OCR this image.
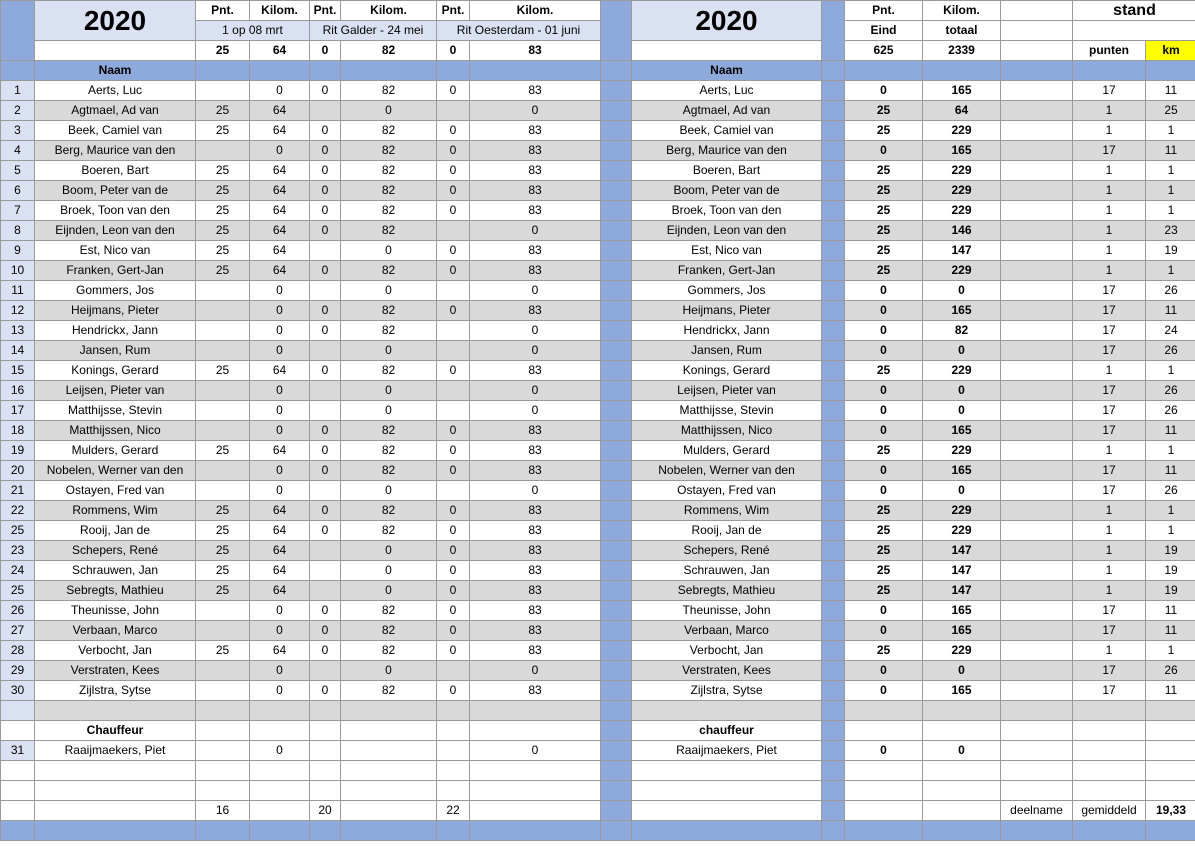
	2020	Pnt.	Kilom.	Pnt.	Kilom.	Pnt.	Kilom.		2020		Pnt.	Kilom.		stand	
		1 op 08 mrt		Rit Galder - 24 mei		Rit Oesterdam - 01 juni					Eind	totaal			
		25	64	0	82	0	83				625	2339		punten	km
	Naam								Naam						
1	Aerts, Luc		0	0	82	0	83		Aerts, Luc		0	165		17	11
2	Agtmael, Ad van	25	64		0		0		Agtmael, Ad van		25	64		1	25
3	Beek, Camiel van	25	64	0	82	0	83		Beek, Camiel van		25	229		1	1
4	Berg, Maurice van den		0	0	82	0	83		Berg, Maurice van den		0	165		17	11
5	Boeren, Bart	25	64	0	82	0	83		Boeren, Bart		25	229		1	1
6	Boom, Peter van de	25	64	0	82	0	83		Boom, Peter van de		25	229		1	1
7	Broek, Toon van den	25	64	0	82	0	83		Broek, Toon van den		25	229		1	1
8	Eijnden, Leon van den	25	64	0	82		0		Eijnden, Leon van den		25	146		1	23
9	Est, Nico van	25	64		0	0	83		Est, Nico van		25	147		1	19
10	Franken, Gert-Jan	25	64	0	82	0	83		Franken, Gert-Jan		25	229		1	1
11	Gommers, Jos		0		0		0		Gommers, Jos		0	0		17	26
12	Heijmans, Pieter		0	0	82	0	83		Heijmans, Pieter		0	165		17	11
13	Hendrickx, Jann		0	0	82		0		Hendrickx, Jann		0	82		17	24
14	Jansen, Rum		0		0		0		Jansen, Rum		0	0		17	26
15	Konings, Gerard	25	64	0	82	0	83		Konings, Gerard		25	229		1	1
16	Leijsen, Pieter van		0		0		0		Leijsen, Pieter van		0	0		17	26
17	Matthijsse, Stevin		0		0		0		Matthijsse, Stevin		0	0		17	26
18	Matthijssen, Nico		0	0	82	0	83		Matthijssen, Nico		0	165		17	11
19	Mulders, Gerard	25	64	0	82	0	83		Mulders, Gerard		25	229		1	1
20	Nobelen, Werner van den		0	0	82	0	83		Nobelen, Werner van den		0	165		17	11
21	Ostayen, Fred van		0		0		0		Ostayen, Fred van		0	0		17	26
22	Rommens, Wim	25	64	0	82	0	83		Rommens, Wim		25	229		1	1
25	Rooij, Jan de	25	64	0	82	0	83		Rooij, Jan de		25	229		1	1
23	Schepers, René	25	64		0	0	83		Schepers, René		25	147		1	19
24	Schrauwen, Jan	25	64		0	0	83		Schrauwen, Jan		25	147		1	19
25	Sebregts, Mathieu	25	64		0	0	83		Sebregts, Mathieu		25	147		1	19
26	Theunisse, John		0	0	82	0	83		Theunisse, John		0	165		17	11
27	Verbaan, Marco		0	0	82	0	83		Verbaan, Marco		0	165		17	11
28	Verbocht, Jan	25	64	0	82	0	83		Verbocht, Jan		25	229		1	1
29	Verstraten, Kees		0		0		0		Verstraten, Kees		0	0		17	26
30	Zijlstra, Sytse		0	0	82	0	83		Zijlstra, Sytse		0	165		17	11

	Chauffeur								chauffeur						
31	Raaijmaekers, Piet		0				0		Raaijmaekers, Piet		0	0			

		16		20		22							deelname	gemiddeld	19,33
